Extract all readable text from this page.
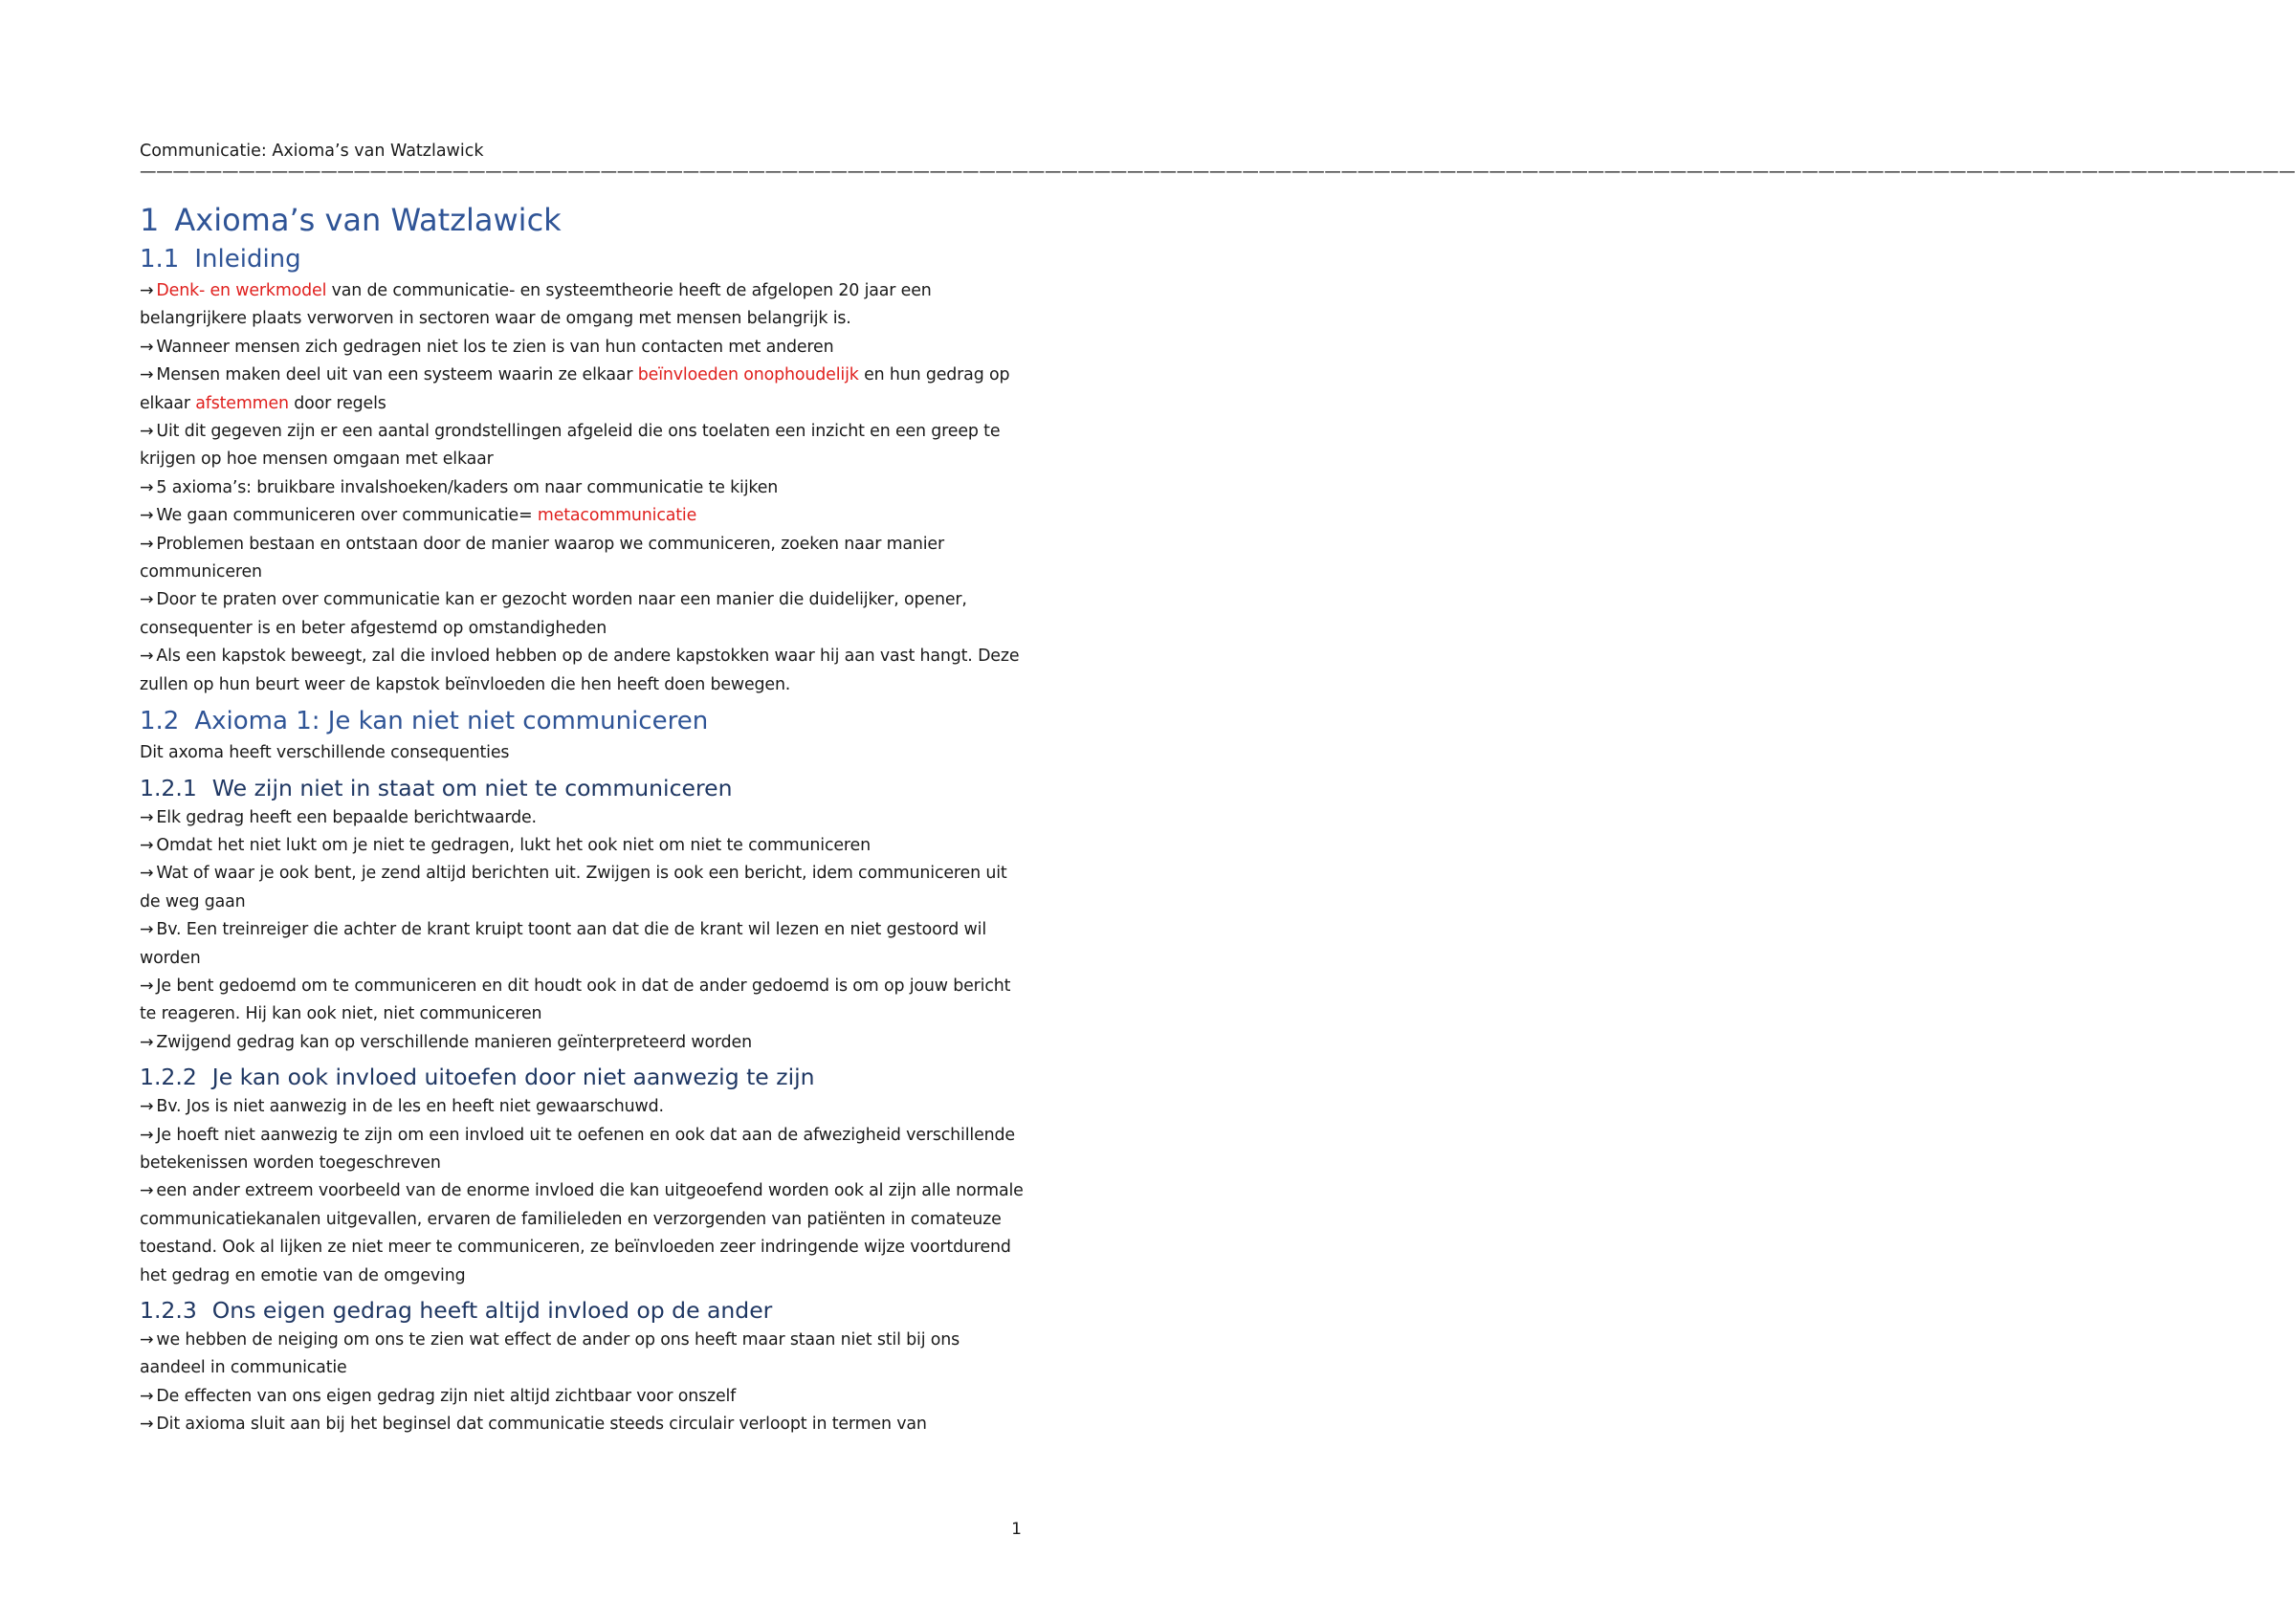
Communicatie: Axioma’s van Watzlawick
———————————————————————————————————————————————————————————————————————————————————————————————————————————————————————————————————
1 Axioma’s van Watzlawick
1.1 Inleiding

→ Denk- en werkmodel van de communicatie- en systeemtheorie heeft de afgelopen 20 jaar een belangrijkere plaats verworven in sectoren waar de omgang met mensen belangrijk is.

→ Wanneer mensen zich gedragen niet los te zien is van hun contacten met anderen

→ Mensen maken deel uit van een systeem waarin ze elkaar beïnvloeden onophoudelijk en hun gedrag op elkaar afstemmen door regels

→ Uit dit gegeven zijn er een aantal grondstellingen afgeleid die ons toelaten een inzicht en een greep te krijgen op hoe mensen omgaan met elkaar

→ 5 axioma’s: bruikbare invalshoeken/kaders om naar communicatie te kijken

→ We gaan communiceren over communicatie= metacommunicatie

→ Problemen bestaan en ontstaan door de manier waarop we communiceren, zoeken naar manier communiceren

→ Door te praten over communicatie kan er gezocht worden naar een manier die duidelijker, opener, consequenter is en beter afgestemd op omstandigheden

→ Als een kapstok beweegt, zal die invloed hebben op de andere kapstokken waar hij aan vast hangt. Deze zullen op hun beurt weer de kapstok beïnvloeden die hen heeft doen bewegen.

1.2 Axioma 1: Je kan niet niet communiceren

Dit axoma heeft verschillende consequenties

1.2.1 We zijn niet in staat om niet te communiceren

→ Elk gedrag heeft een bepaalde berichtwaarde.

→ Omdat het niet lukt om je niet te gedragen, lukt het ook niet om niet te communiceren

→ Wat of waar je ook bent, je zend altijd berichten uit. Zwijgen is ook een bericht, idem communiceren uit de weg gaan

→ Bv. Een treinreiger die achter de krant kruipt toont aan dat die de krant wil lezen en niet gestoord wil worden

→ Je bent gedoemd om te communiceren en dit houdt ook in dat de ander gedoemd is om op jouw bericht te reageren. Hij kan ook niet, niet communiceren

→ Zwijgend gedrag kan op verschillende manieren geïnterpreteerd worden

1.2.2 Je kan ook invloed uitoefen door niet aanwezig te zijn

→ Bv. Jos is niet aanwezig in de les en heeft niet gewaarschuwd.

→ Je hoeft niet aanwezig te zijn om een invloed uit te oefenen en ook dat aan de afwezigheid verschillende betekenissen worden toegeschreven

→ een ander extreem voorbeeld van de enorme invloed die kan uitgeoefend worden ook al zijn alle normale communicatiekanalen uitgevallen, ervaren de familieleden en verzorgenden van patiënten in comateuze toestand. Ook al lijken ze niet meer te communiceren, ze beïnvloeden zeer indringende wijze voortdurend het gedrag en emotie van de omgeving

1.2.3 Ons eigen gedrag heeft altijd invloed op de ander

→ we hebben de neiging om ons te zien wat effect de ander op ons heeft maar staan niet stil bij ons aandeel in communicatie

→ De effecten van ons eigen gedrag zijn niet altijd zichtbaar voor onszelf

→ Dit axioma sluit aan bij het beginsel dat communicatie steeds circulair verloopt in termen van

1
